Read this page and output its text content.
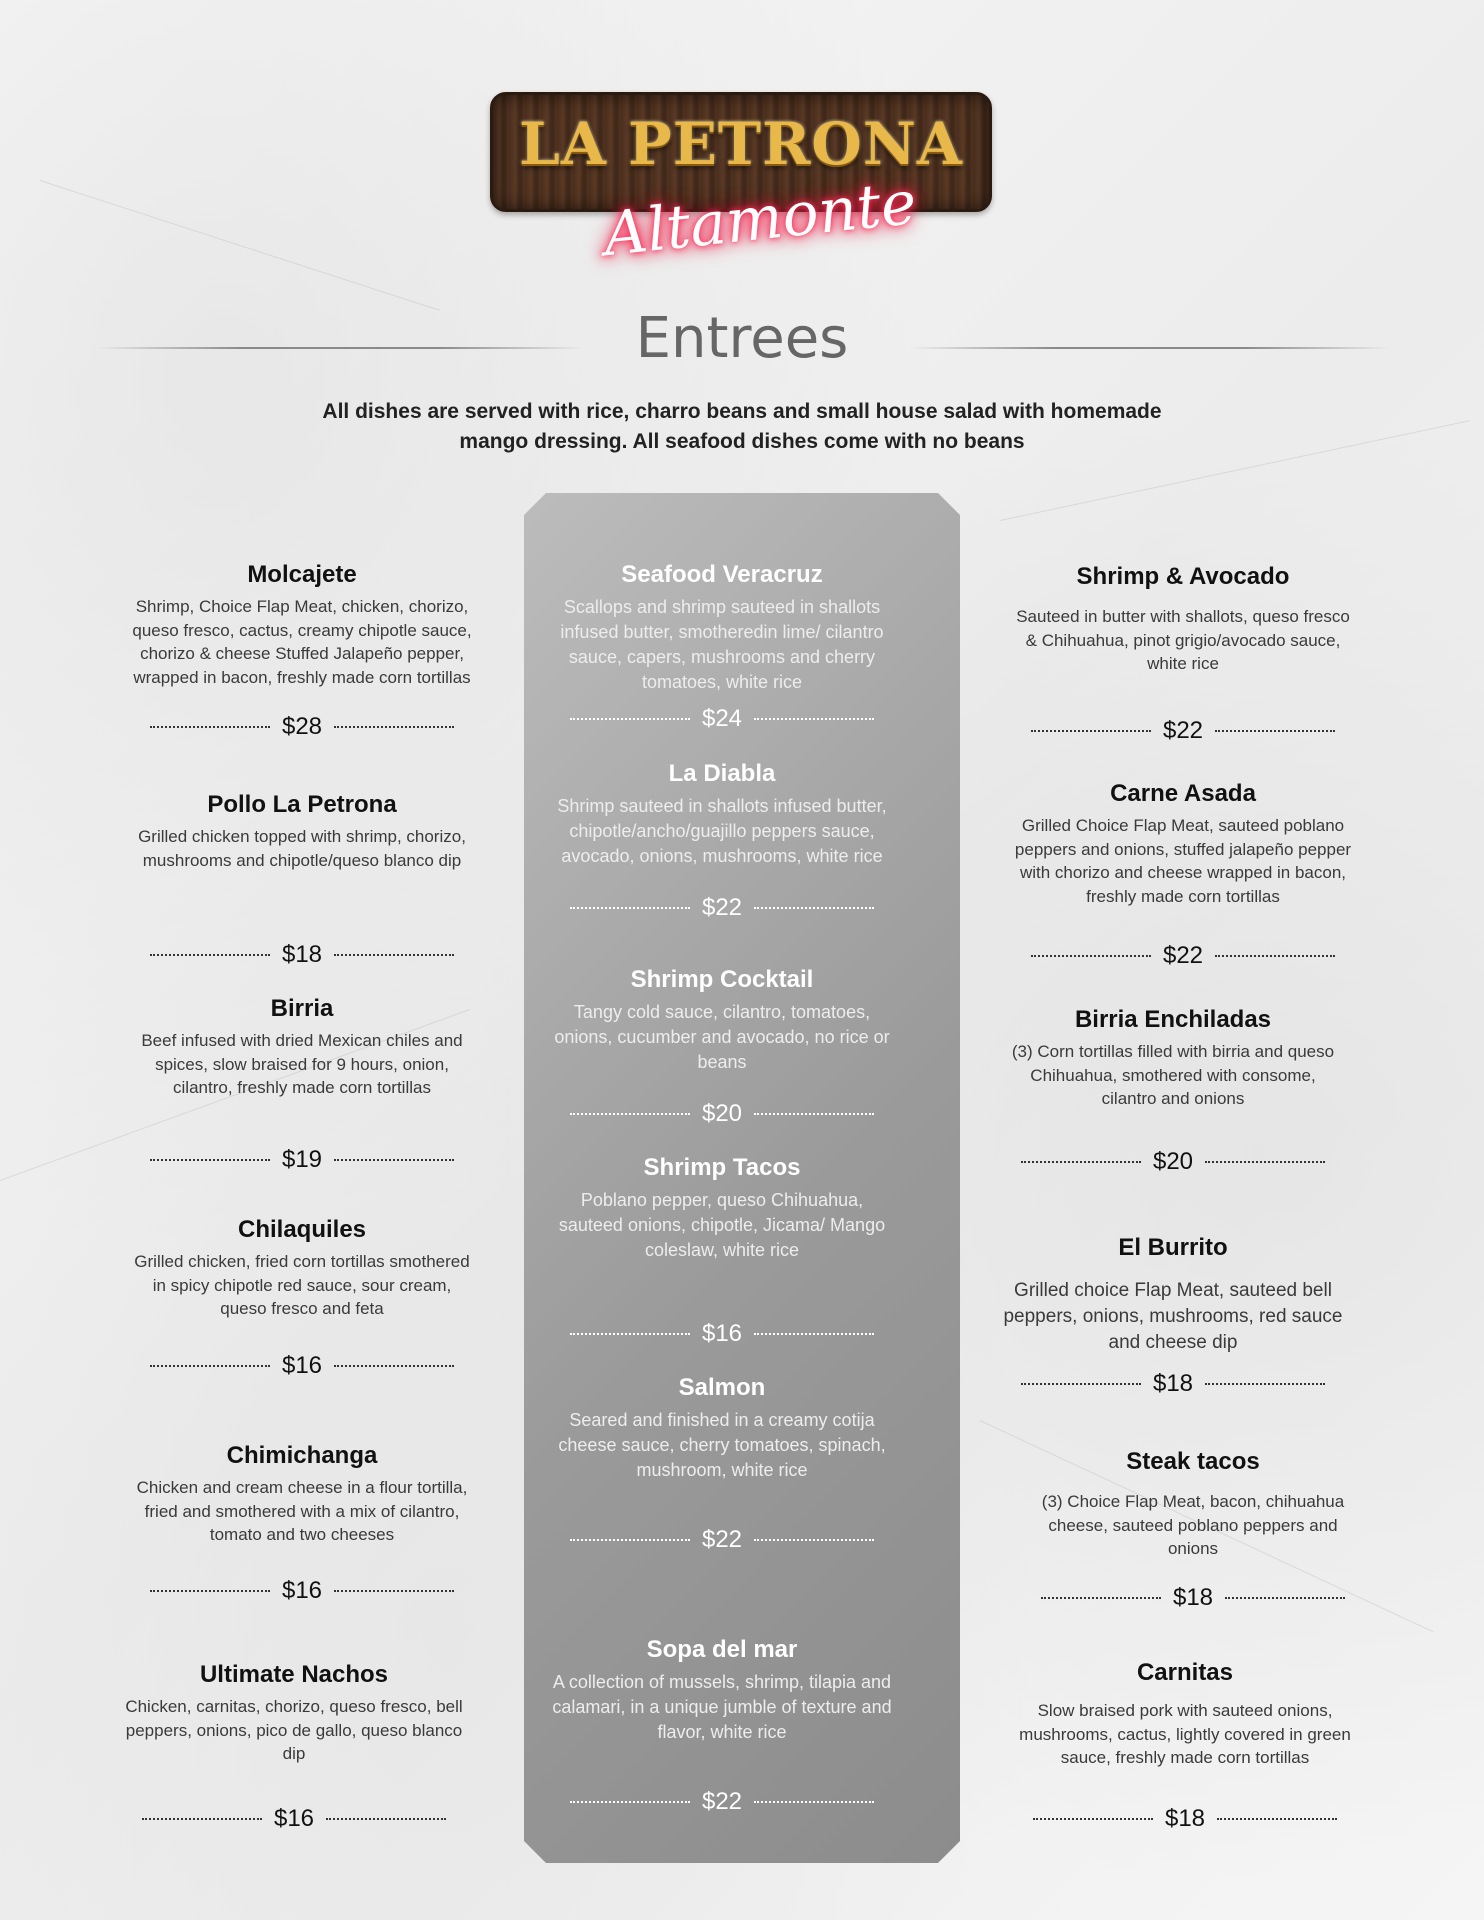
LA PETRONA
Altamonte
Entrees
All dishes are served with rice, charro beans and small house salad with homemade mango dressing. All seafood dishes come with no beans
Molcajete
Shrimp, Choice Flap Meat, chicken, chorizo, queso fresco, cactus, creamy chipotle sauce, chorizo & cheese Stuffed Jalapeño pepper, wrapped in bacon, freshly made corn tortillas
$28
Pollo La Petrona
Grilled chicken topped with shrimp, chorizo, mushrooms and chipotle/queso blanco dip
$18
Birria
Beef infused with dried Mexican chiles and spices, slow braised for 9 hours, onion, cilantro, freshly made corn tortillas
$19
Chilaquiles
Grilled chicken, fried corn tortillas smothered in spicy chipotle red sauce, sour cream, queso fresco and feta
$16
Chimichanga
Chicken and cream cheese in a flour tortilla, fried and smothered with a mix of cilantro, tomato and two cheeses
$16
Ultimate Nachos
Chicken, carnitas, chorizo, queso fresco, bell peppers, onions, pico de gallo, queso blanco dip
$16
Seafood Veracruz
Scallops and shrimp sauteed in shallots infused butter, smotheredin lime/ cilantro sauce, capers, mushrooms and cherry tomatoes, white rice
$24
La Diabla
Shrimp sauteed in shallots infused butter, chipotle/ancho/guajillo peppers sauce, avocado, onions, mushrooms, white rice
$22
Shrimp Cocktail
Tangy cold sauce, cilantro, tomatoes, onions, cucumber and avocado, no rice or beans
$20
Shrimp Tacos
Poblano pepper, queso Chihuahua, sauteed onions, chipotle, Jicama/ Mango coleslaw, white rice
$16
Salmon
Seared and finished in a creamy cotija cheese sauce, cherry tomatoes, spinach, mushroom, white rice
$22
Sopa del mar
A collection of mussels, shrimp, tilapia and calamari, in a unique jumble of texture and flavor, white rice
$22
Shrimp & Avocado
Sauteed in butter with shallots, queso fresco & Chihuahua, pinot grigio/avocado sauce, white rice
$22
Carne Asada
Grilled Choice Flap Meat, sauteed poblano peppers and onions, stuffed jalapeño pepper with chorizo and cheese wrapped in bacon, freshly made corn tortillas
$22
Birria Enchiladas
(3) Corn tortillas filled with birria and queso Chihuahua, smothered with consome, cilantro and onions
$20
El Burrito
Grilled choice Flap Meat, sauteed bell peppers, onions, mushrooms, red sauce and cheese dip
$18
Steak tacos
(3) Choice Flap Meat, bacon, chihuahua cheese, sauteed poblano peppers and onions
$18
Carnitas
Slow braised pork with sauteed onions, mushrooms, cactus, lightly covered in green sauce, freshly made corn tortillas
$18
